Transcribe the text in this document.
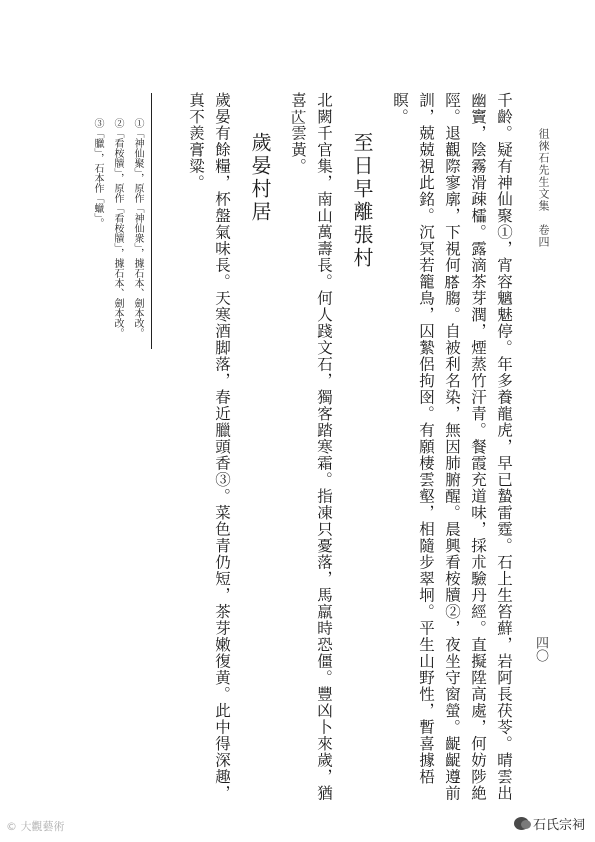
徂徠石先生文集　卷四
四〇
千齡。疑有神仙聚①，宵容魑魅停。年多養龍虎，早已蟄雷霆。石上生笞蘚，岩阿長茯苓。晴雲出幽竇，陰霧滑疎櫺。露滴茶芽潤，煙蒸竹汗青。餐霞充道味，採朮驗丹經。直擬陞高處，何妨陟絶陘。退觀際寥廓，下視何𦞂䐢。自被利名染，無因肺腑醒。晨興看桉牘②，夜坐守窗螢。齪齪遵前訓，兢兢視此銘。沉冥若籠鳥，囚縶侶拘囹。有願棲雲壑，相隨步翠坰。平生山野性，暫喜據梧瞑。
至日早離張村
北闕千官集，南山萬壽長。何人踐文石，獨客踏寒霜。指凍只憂落，馬羸時恐僵。豐凶卜來歲，猶喜𦬆雲黃。
歲晏村居
歲晏有餘糧，杯盤氣味長。天寒酒脚落，春近臘頭香③。菜色青仍短，茶芽嫩復黄。此中得深趣，真不羨膏粱。
①「神仙聚」，原作「神仙衆」，據石本、劍本改。
②「看桉牘」，原作「看桉牘」，據石本、劍本改。
③「臘」，石本作「蠟」。
© 大觀藝術	石氏宗祠
